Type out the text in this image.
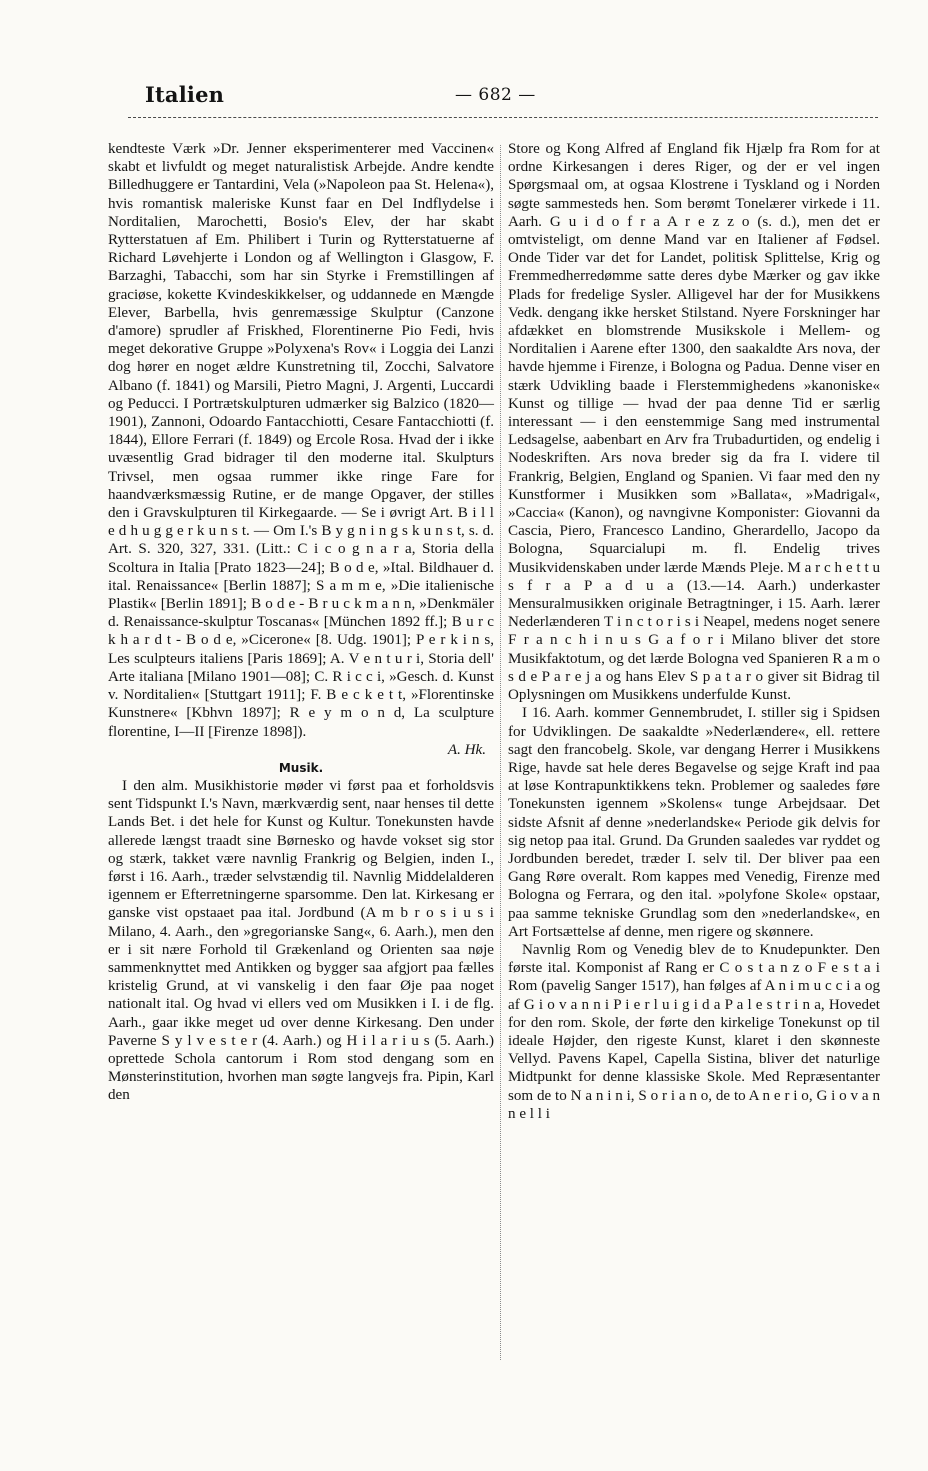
Italien	— 682 —

kendteste Værk »Dr. Jenner eksperimenterer med Vaccinen« skabt et livfuldt og meget naturalistisk Arbejde. Andre kendte Billedhuggere er Tantardini, Vela (»Napoleon paa St. Helena«), hvis romantisk maleriske Kunst faar en Del Indflydelse i Norditalien, Marochetti, Bosio's Elev, der har skabt Rytterstatuen af Em. Philibert i Turin og Rytterstatuerne af Richard Løvehjerte i London og af Wellington i Glasgow, F. Barzaghi, Tabacchi, som har sin Styrke i Fremstillingen af graciøse, kokette Kvindeskikkelser, og uddannede en Mængde Elever, Barbella, hvis genremæssige Skulptur (Canzone d'amore) sprudler af Friskhed, Florentinerne Pio Fedi, hvis meget dekorative Gruppe »Polyxena's Rov« i Loggia dei Lanzi dog hører en noget ældre Kunstretning til, Zocchi, Salvatore Albano (f. 1841) og Marsili, Pietro Magni, J. Argenti, Luccardi og Peducci. I Portrætskulpturen udmærker sig Balzico (1820—1901), Zannoni, Odoardo Fantacchiotti, Cesare Fantacchiotti (f. 1844), Ellore Ferrari (f. 1849) og Ercole Rosa. Hvad der i ikke uvæsentlig Grad bidrager til den moderne ital. Skulpturs Trivsel, men ogsaa rummer ikke ringe Fare for haandværksmæssig Rutine, er de mange Opgaver, der stilles den i Gravskulpturen til Kirkegaarde. — Se i øvrigt Art. B i l l e d h u g g e r k u n s t. — Om I.'s B y g n i n g s k u n s t, s. d. Art. S. 320, 327, 331. (Litt.: C i c o g n a r a, Storia della Scoltura in Italia [Prato 1823—24]; B o d e, »Ital. Bildhauer d. ital. Renaissance« [Berlin 1887]; S a m m e, »Die italienische Plastik« [Berlin 1891]; B o d e - B r u c k m a n n, »Denkmäler d. Renaissance-skulptur Toscanas« [München 1892 ff.]; B u r c k h a r d t - B o d e, »Cicerone« [8. Udg. 1901]; P e r k i n s, Les sculpteurs italiens [Paris 1869]; A. V e n t u r i, Storia dell' Arte italiana [Milano 1901—08]; C. R i c c i, »Gesch. d. Kunst v. Norditalien« [Stuttgart 1911]; F. B e c k e t t, »Florentinske Kunstnere« [Kbhvn 1897]; R e y m o n d, La sculpture florentine, I—II [Firenze 1898]).

A. Hk.

Musik.

I den alm. Musikhistorie møder vi først paa et forholdsvis sent Tidspunkt I.'s Navn, mærkværdig sent, naar henses til dette Lands Bet. i det hele for Kunst og Kultur. Tonekunsten havde allerede længst traadt sine Børnesko og havde vokset sig stor og stærk, takket være navnlig Frankrig og Belgien, inden I., først i 16. Aarh., træder selvstændig til. Navnlig Middelalderen igennem er Efterretningerne sparsomme. Den lat. Kirkesang er ganske vist opstaaet paa ital. Jordbund (A m b r o s i u s i Milano, 4. Aarh., den »gregorianske Sang«, 6. Aarh.), men den er i sit nære Forhold til Grækenland og Orienten saa nøje sammenknyttet med Antikken og bygger saa afgjort paa fælles kristelig Grund, at vi vanskelig i den faar Øje paa noget nationalt ital. Og hvad vi ellers ved om Musikken i I. i de flg. Aarh., gaar ikke meget ud over denne Kirkesang. Den under Paverne S y l v e s t e r (4. Aarh.) og H i l a r i u s (5. Aarh.) oprettede Schola cantorum i Rom stod dengang som en Mønsterinstitution, hvorhen man søgte langvejs fra. Pipin, Karl den

Store og Kong Alfred af England fik Hjælp fra Rom for at ordne Kirkesangen i deres Riger, og der er vel ingen Spørgsmaal om, at ogsaa Klostrene i Tyskland og i Norden søgte sammesteds hen. Som berømt Tonelærer virkede i 11. Aarh. G u i d o f r a A r e z z o (s. d.), men det er omtvisteligt, om denne Mand var en Italiener af Fødsel. Onde Tider var det for Landet, politisk Splittelse, Krig og Fremmedherredømme satte deres dybe Mærker og gav ikke Plads for fredelige Sysler. Alligevel har der for Musikkens Vedk. dengang ikke hersket Stilstand. Nyere Forskninger har afdækket en blomstrende Musikskole i Mellem- og Norditalien i Aarene efter 1300, den saakaldte Ars nova, der havde hjemme i Firenze, i Bologna og Padua. Denne viser en stærk Udvikling baade i Flerstemmighedens »kanoniske« Kunst og tillige — hvad der paa denne Tid er særlig interessant — i den eenstemmige Sang med instrumental Ledsagelse, aabenbart en Arv fra Trubadurtiden, og endelig i Nodeskriften. Ars nova breder sig da fra I. videre til Frankrig, Belgien, England og Spanien. Vi faar med den ny Kunstformer i Musikken som »Ballata«, »Madrigal«, »Caccia« (Kanon), og navngivne Komponister: Giovanni da Cascia, Piero, Francesco Landino, Gherardello, Jacopo da Bologna, Squarcialupi m. fl. Endelig trives Musikvidenskaben under lærde Mænds Pleje. M a r c h e t t u s f r a P a d u a (13.—14. Aarh.) underkaster Mensuralmusikken originale Betragtninger, i 15. Aarh. lærer Nederlænderen T i n c t o r i s i Neapel, medens noget senere F r a n c h i n u s G a f o r i Milano bliver det store Musikfaktotum, og det lærde Bologna ved Spanieren R a m o s d e P a r e j a og hans Elev S p a t a r o giver sit Bidrag til Oplysningen om Musikkens underfulde Kunst.

I 16. Aarh. kommer Gennembrudet, I. stiller sig i Spidsen for Udviklingen. De saakaldte »Nederlændere«, ell. rettere sagt den francobelg. Skole, var dengang Herrer i Musikkens Rige, havde sat hele deres Begavelse og sejge Kraft ind paa at løse Kontrapunktikkens tekn. Problemer og saaledes føre Tonekunsten igennem »Skolens« tunge Arbejdsaar. Det sidste Afsnit af denne »nederlandske« Periode gik delvis for sig netop paa ital. Grund. Da Grunden saaledes var ryddet og Jordbunden beredet, træder I. selv til. Der bliver paa een Gang Røre overalt. Rom kappes med Venedig, Firenze med Bologna og Ferrara, og den ital. »polyfone Skole« opstaar, paa samme tekniske Grundlag som den »nederlandske«, en Art Fortsættelse af denne, men rigere og skønnere.

Navnlig Rom og Venedig blev de to Knudepunkter. Den første ital. Komponist af Rang er C o s t a n z o F e s t a i Rom (pavelig Sanger 1517), han følges af A n i m u c c i a og af G i o v a n n i P i e r l u i g i d a P a l e s t r i n a, Hovedet for den rom. Skole, der førte den kirkelige Tonekunst op til ideale Højder, den rigeste Kunst, klaret i den skønneste Vellyd. Pavens Kapel, Capella Sistina, bliver det naturlige Midtpunkt for denne klassiske Skole. Med Repræsentanter som de to N a n i n i, S o r i a n o, de to A n e r i o, G i o v a n n e l l i
